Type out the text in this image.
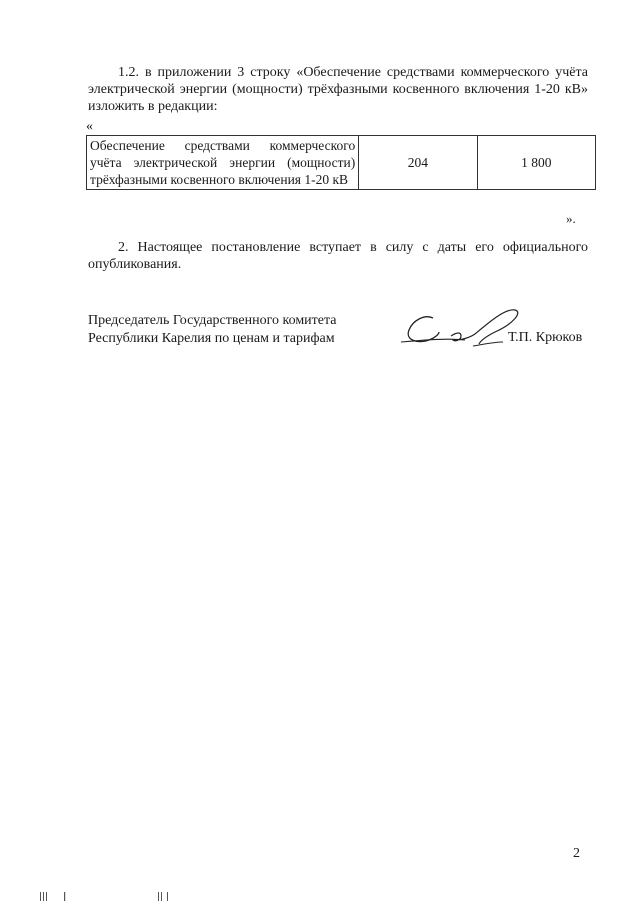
1.2. в приложении 3 строку «Обеспечение средствами коммерческого учёта электрической энергии (мощности) трёхфазными косвенного включения 1-20 кВ» изложить в редакции:

«
Обеспечение средствами коммерческого учёта электрической энергии (мощности) трёхфазными косвенного включения 1-20 кВ	204	1 800
».

2. Настоящее постановление вступает в силу с даты его официального опубликования.

Председатель Государственного комитета
Республики Карелия по ценам и тарифам	Т.П. Крюков
2
